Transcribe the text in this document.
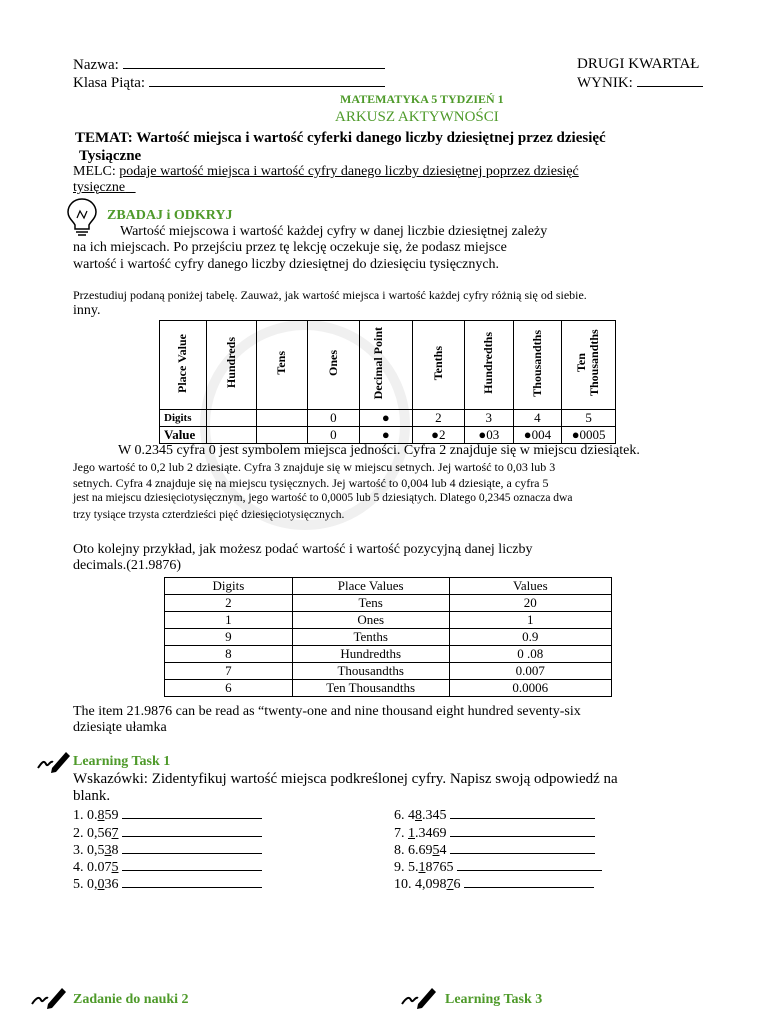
Nazwa:
Klasa Piąta:
DRUGI KWARTAŁ
WYNIK:
MATEMATYKA 5 TYDZIEŃ 1
ARKUSZ AKTYWNOŚCI
TEMAT: Wartość miejsca i wartość cyferki danego liczby dziesiętnej przez dziesięć
Tysiączne
MELC: podaje wartość miejsca i wartość cyfry danego liczby dziesiętnej poprzez dziesięć
tysięczne
ZBADAJ i ODKRYJ
Wartość miejscowa i wartość każdej cyfry w danej liczbie dziesiętnej zależy
na ich miejscach. Po przejściu przez tę lekcję oczekuje się, że podasz miejsce
wartość i wartość cyfry danego liczby dziesiętnej do dziesięciu tysięcznych.
Przestudiuj podaną poniżej tabelę. Zauważ, jak wartość miejsca i wartość każdej cyfry różnią się od siebie.
inny.
Place Value	Hundreds	Tens	Ones	Decimal Point	Tenths	Hundredths	Thousandths	Ten Thousandths
Digits			0	●	2	3	4	5
Value			0	●	●2	●03	●004	●0005
W 0.2345 cyfra 0 jest symbolem miejsca jedności. Cyfra 2 znajduje się w miejscu dziesiątek.
Jego wartość to 0,2 lub 2 dziesiąte. Cyfra 3 znajduje się w miejscu setnych. Jej wartość to 0,03 lub 3
setnych. Cyfra 4 znajduje się na miejscu tysięcznych. Jej wartość to 0,004 lub 4 dziesiąte, a cyfra 5
jest na miejscu dziesięciotysięcznym, jego wartość to 0,0005 lub 5 dziesiątych. Dlatego 0,2345 oznacza dwa
trzy tysiące trzysta czterdzieści pięć dziesięciotysięcznych.
Oto kolejny przykład, jak możesz podać wartość i wartość pozycyjną danej liczby
decimals.(21.9876)
Digits	Place Values	Values
2	Tens	20
1	Ones	1
9	Tenths	0.9
8	Hundredths	0 .08
7	Thousandths	0.007
6	Ten Thousandths	0.0006
The item 21.9876 can be read as “twenty-one and nine thousand eight hundred seventy-six
dziesiąte ułamka
Learning Task 1
Wskazówki: Zidentyfikuj wartość miejsca podkreślonej cyfry. Napisz swoją odpowiedź na
blank.
1. 0.859
2. 0,567
3. 0,538
4. 0.075
5. 0,036
6. 48.345
7. 1.3469
8. 6.6954
9. 5.18765
10. 4,09876
Zadanie do nauki 2	Learning Task 3
